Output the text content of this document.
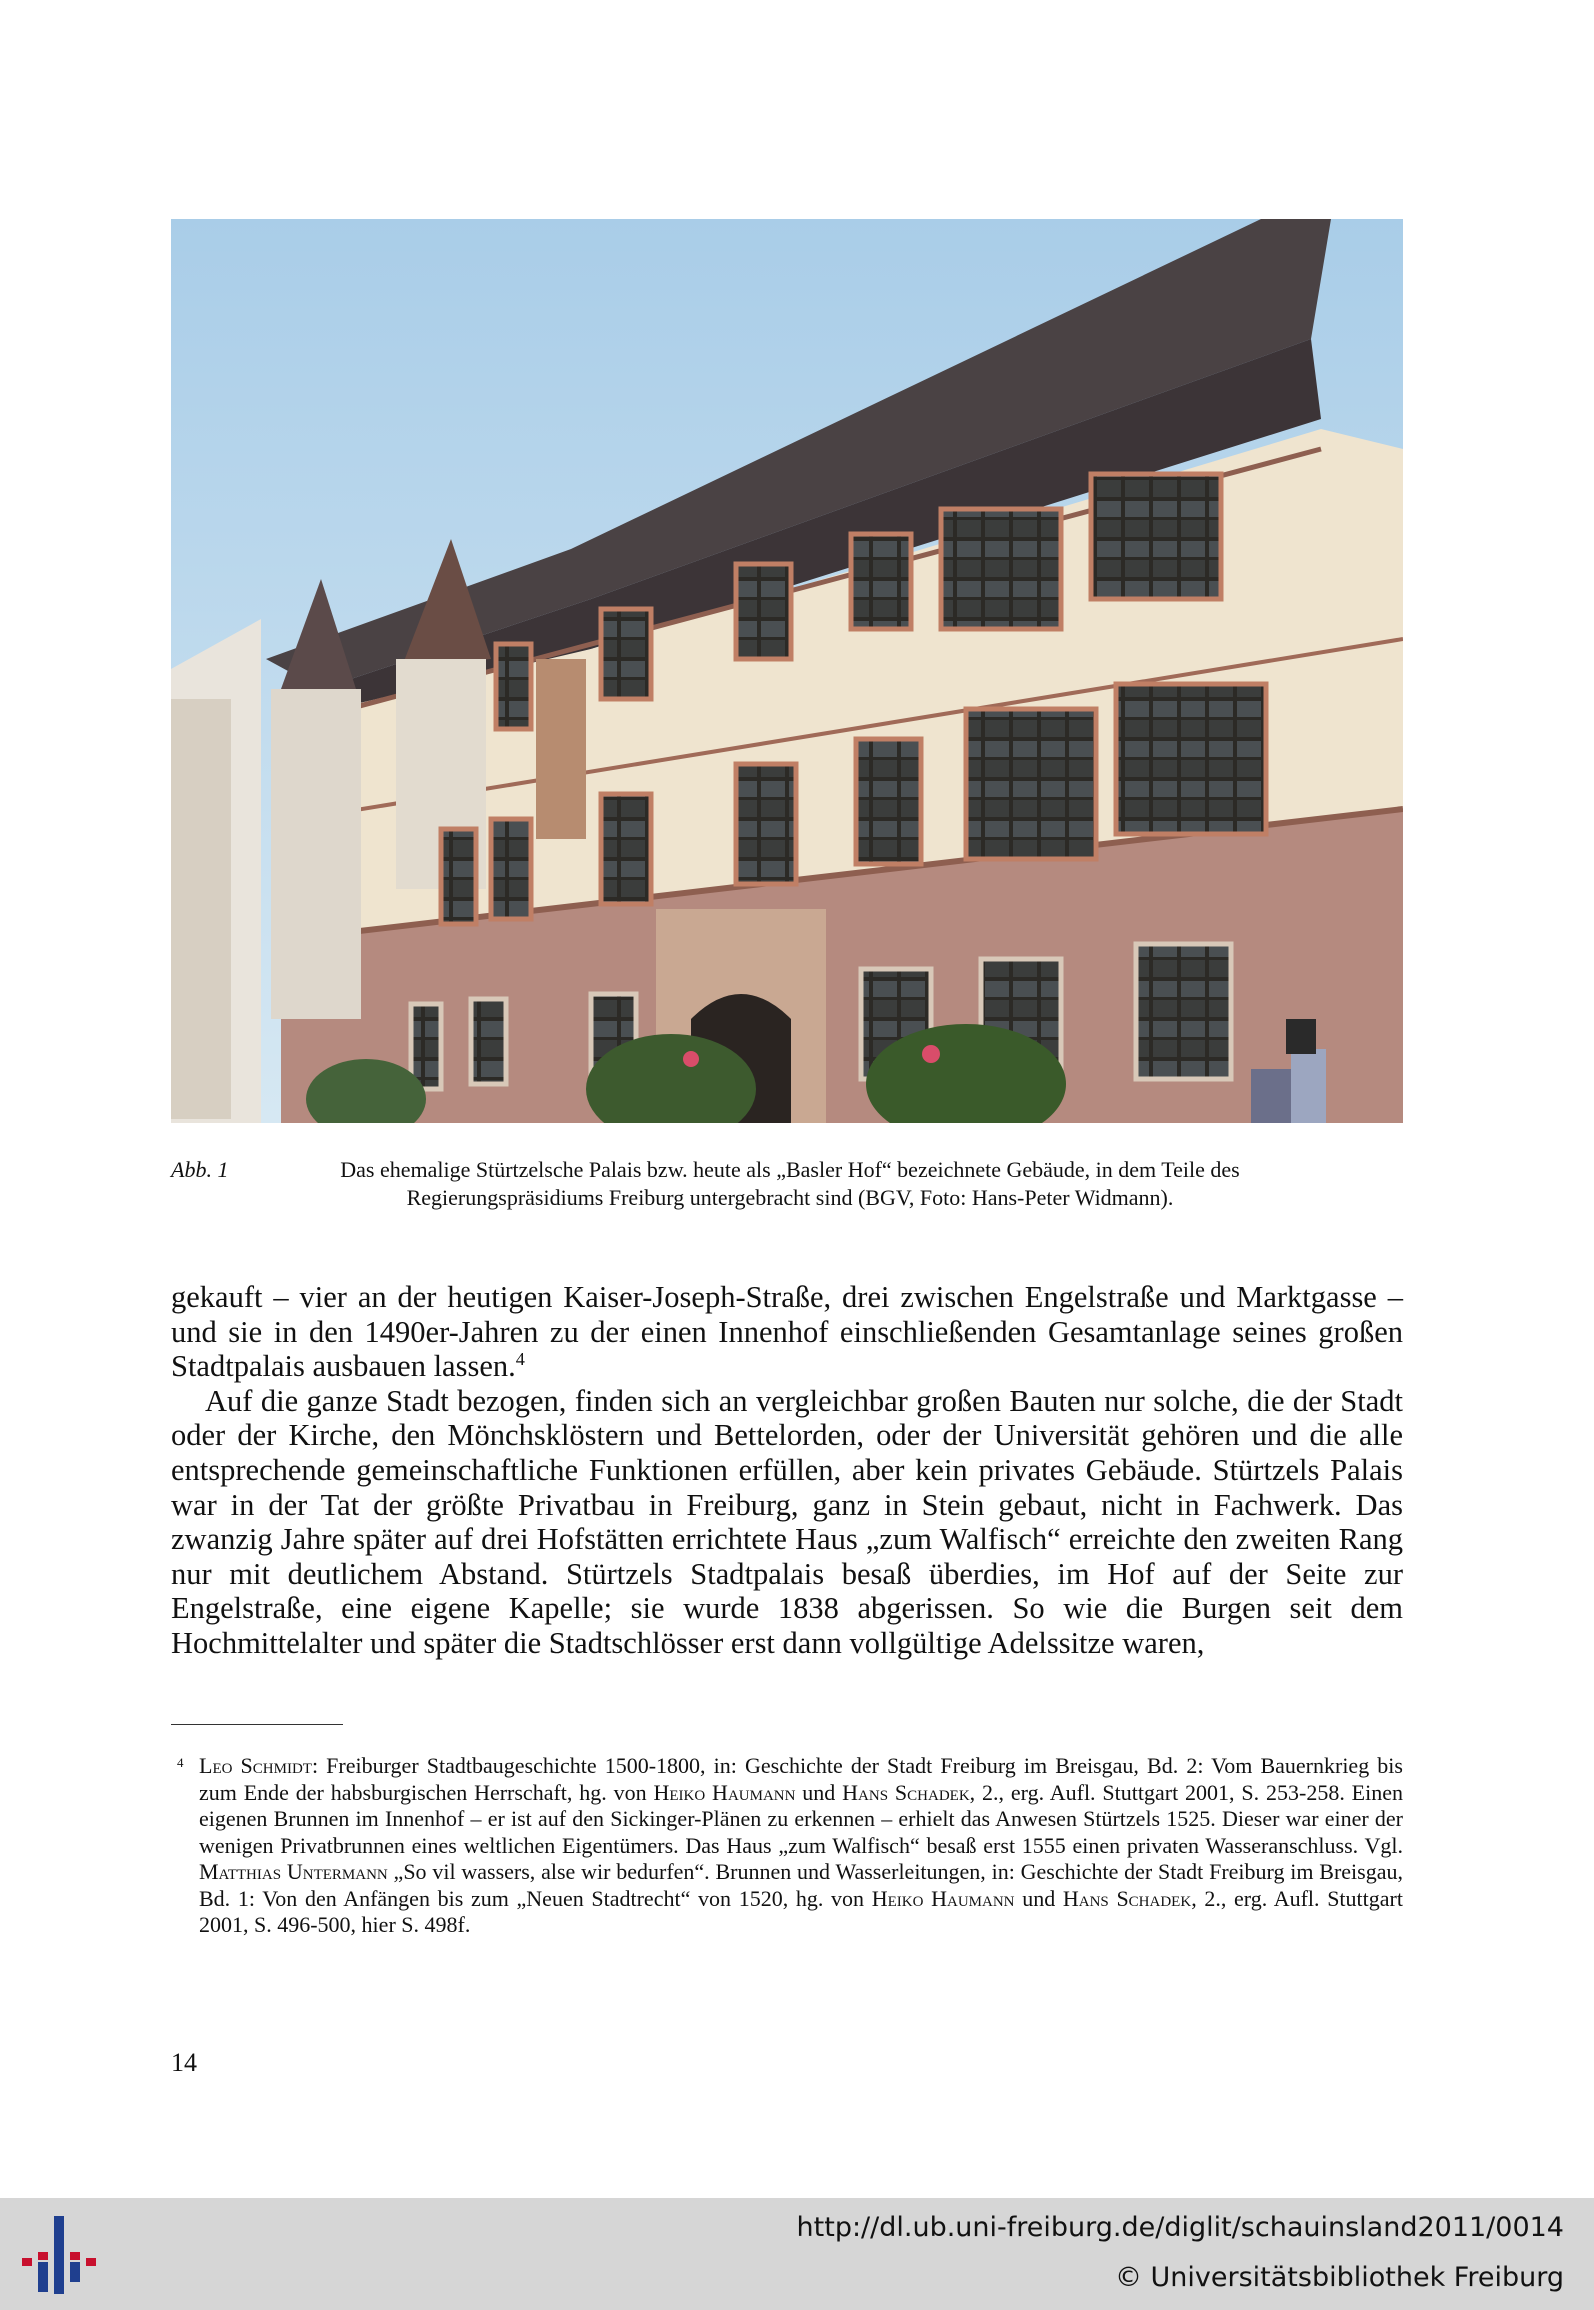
Abb. 1	Das ehemalige Stürtzelsche Palais bzw. heute als „Basler Hof“ bezeichnete Gebäude, in dem Teile des Regierungspräsidiums Freiburg untergebracht sind (BGV, Foto: Hans-Peter Widmann).

gekauft – vier an der heutigen Kaiser-Joseph-Straße, drei zwischen Engelstraße und Marktgasse – und sie in den 1490er-Jahren zu der einen Innenhof einschließenden Gesamtanlage seines großen Stadtpalais ausbauen lassen.$^4$

Auf die ganze Stadt bezogen, finden sich an vergleichbar großen Bauten nur solche, die der Stadt oder der Kirche, den Mönchsklöstern und Bettelorden, oder der Universität gehören und die alle entsprechende gemeinschaftliche Funktionen erfüllen, aber kein privates Gebäude. Stürtzels Palais war in der Tat der größte Privatbau in Freiburg, ganz in Stein gebaut, nicht in Fachwerk. Das zwanzig Jahre später auf drei Hofstätten errichtete Haus „zum Walfisch“ erreichte den zweiten Rang nur mit deutlichem Abstand. Stürtzels Stadtpalais besaß überdies, im Hof auf der Seite zur Engelstraße, eine eigene Kapelle; sie wurde 1838 abgerissen. So wie die Burgen seit dem Hochmittelalter und später die Stadtschlösser erst dann vollgültige Adelssitze waren,

4 Leo Schmidt: Freiburger Stadtbaugeschichte 1500-1800, in: Geschichte der Stadt Freiburg im Breisgau, Bd. 2: Vom Bauernkrieg bis zum Ende der habsburgischen Herrschaft, hg. von Heiko Haumann und Hans Schadek, 2., erg. Aufl. Stuttgart 2001, S. 253-258. Einen eigenen Brunnen im Innenhof – er ist auf den Sickinger-Plänen zu erkennen – erhielt das Anwesen Stürtzels 1525. Dieser war einer der wenigen Privatbrunnen eines weltlichen Eigentümers. Das Haus „zum Walfisch“ besaß erst 1555 einen privaten Wasseranschluss. Vgl. Matthias Untermann „So vil wassers, alse wir bedurfen“. Brunnen und Wasserleitungen, in: Geschichte der Stadt Freiburg im Breisgau, Bd. 1: Von den Anfängen bis zum „Neuen Stadtrecht“ von 1520, hg. von Heiko Haumann und Hans Schadek, 2., erg. Aufl. Stuttgart 2001, S. 496-500, hier S. 498f.
14
http://dl.ub.uni-freiburg.de/diglit/schauinsland2011/0014
© Universitätsbibliothek Freiburg
